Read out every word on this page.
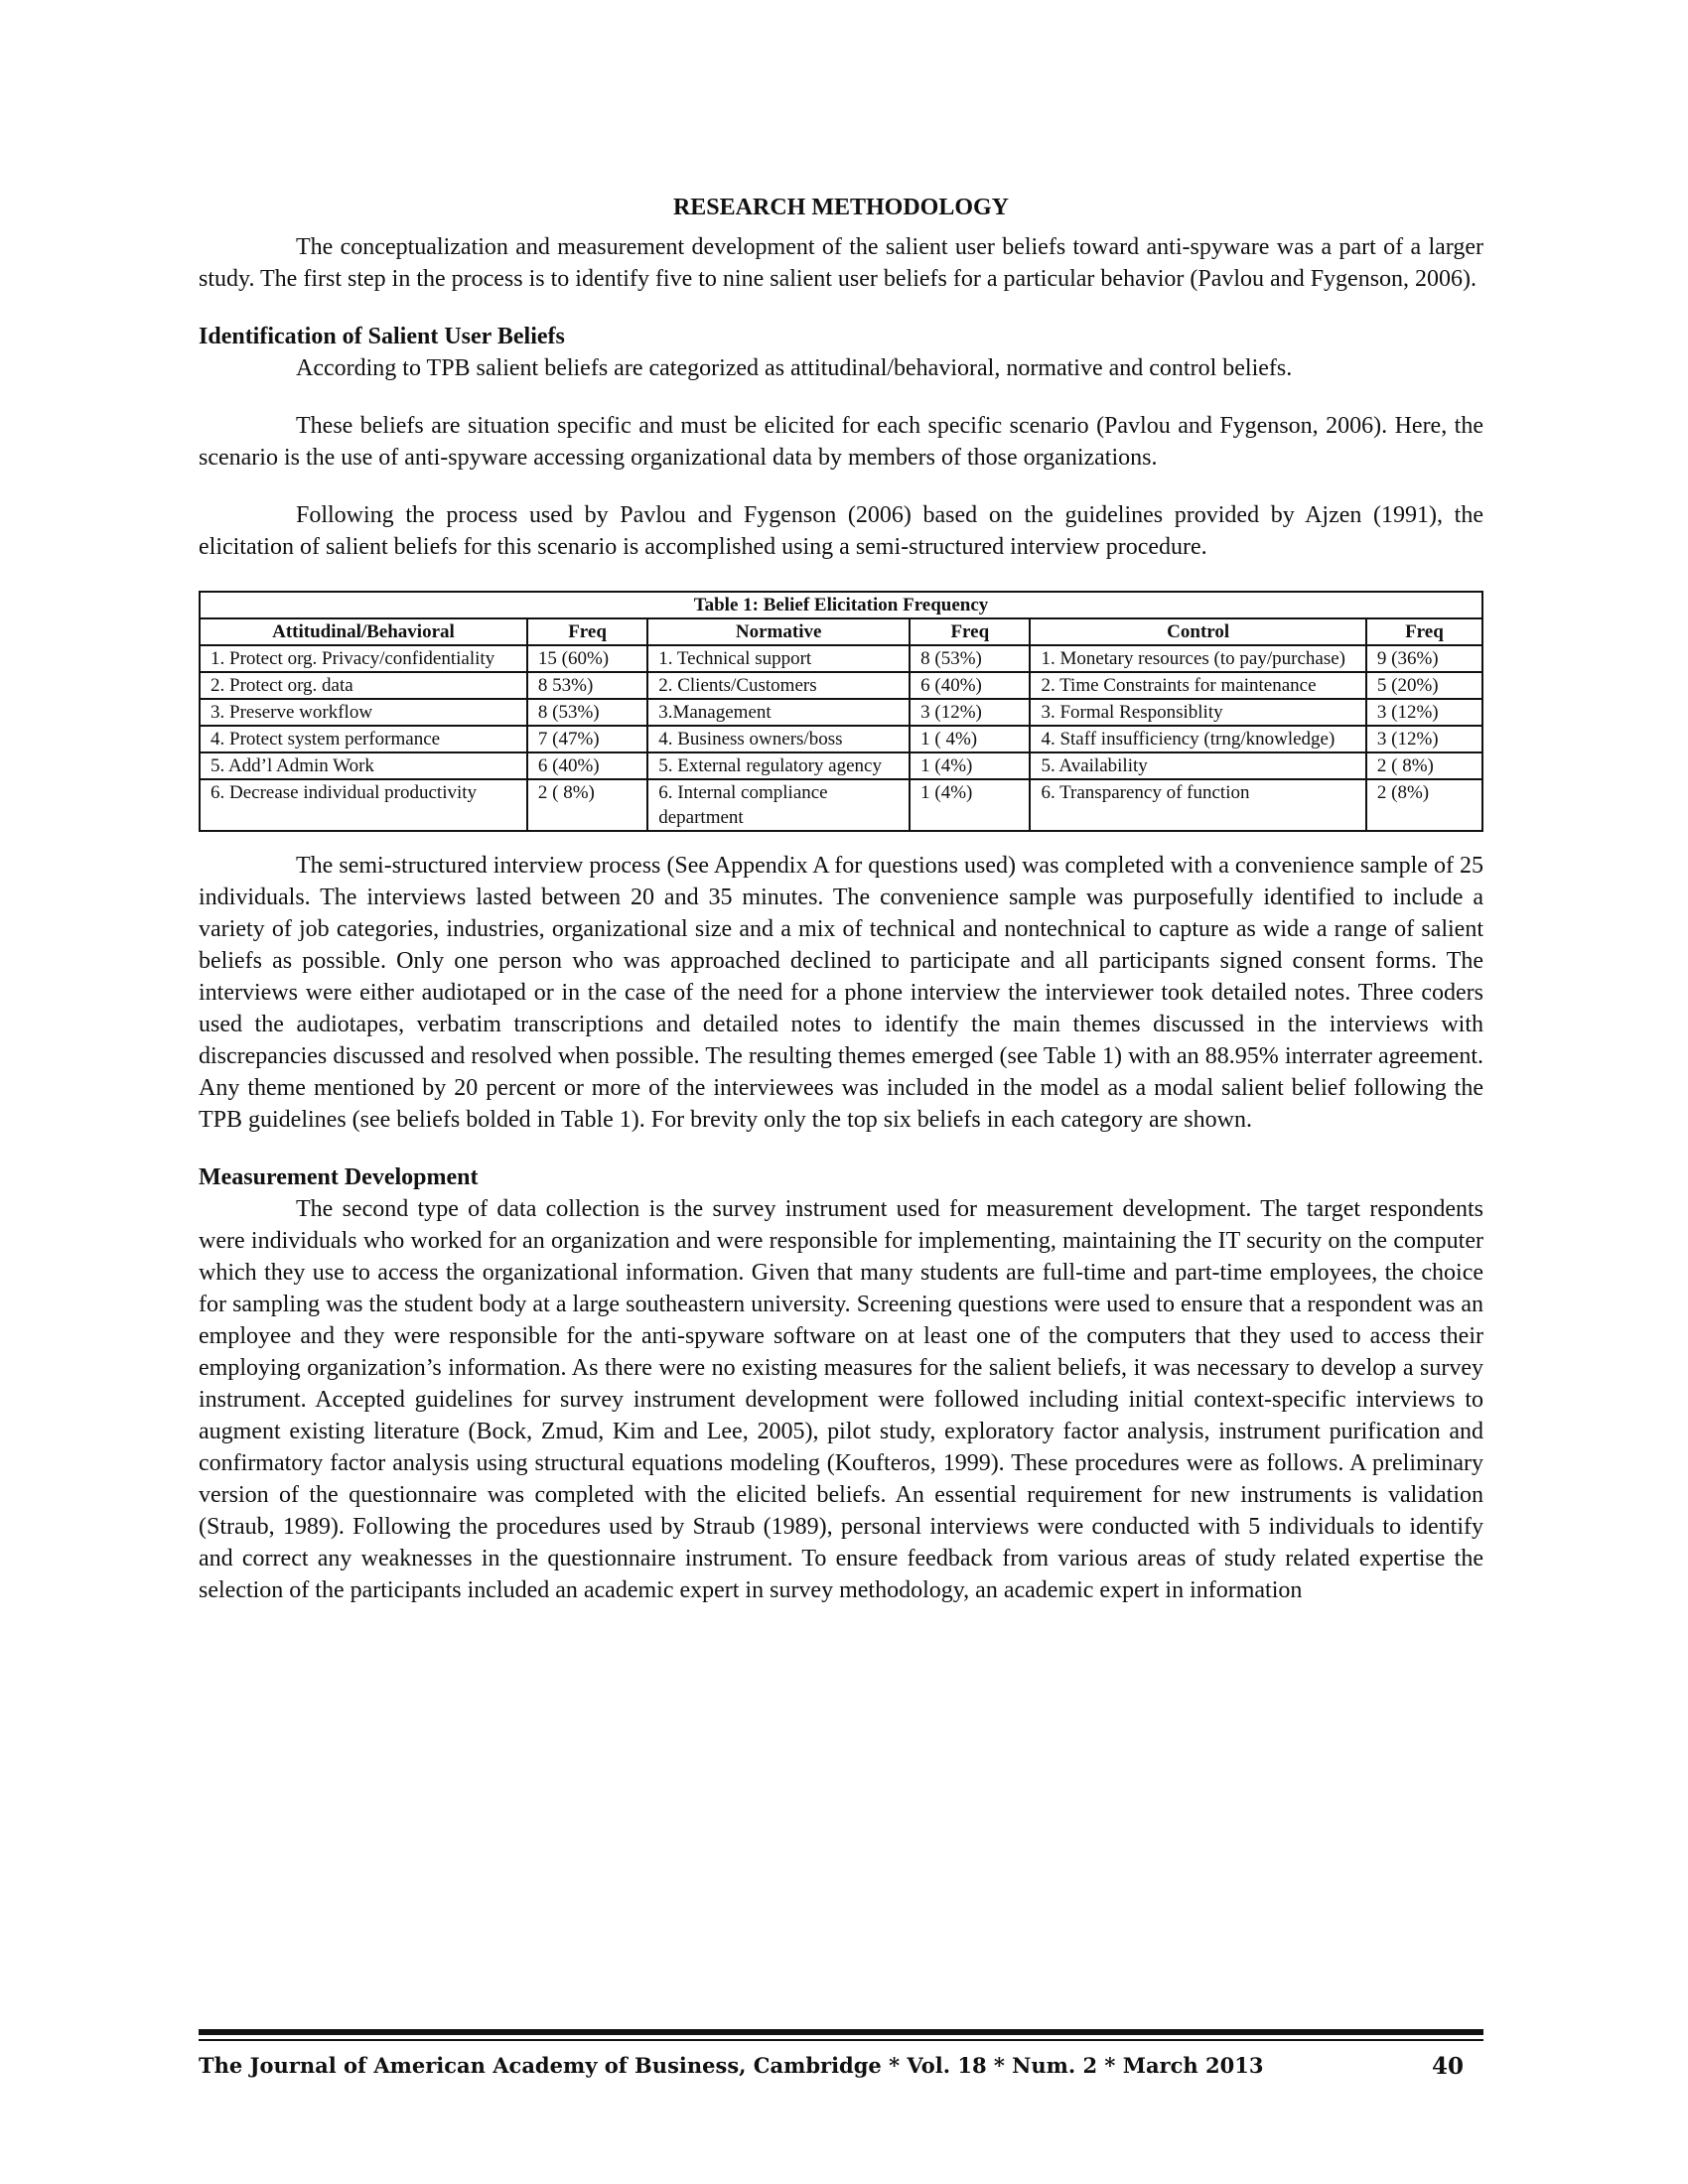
RESEARCH METHODOLOGY

The conceptualization and measurement development of the salient user beliefs toward anti-spyware was a part of a larger study. The first step in the process is to identify five to nine salient user beliefs for a particular behavior (Pavlou and Fygenson, 2006).

Identification of Salient User Beliefs

According to TPB salient beliefs are categorized as attitudinal/behavioral, normative and control beliefs.

These beliefs are situation specific and must be elicited for each specific scenario (Pavlou and Fygenson, 2006). Here, the scenario is the use of anti-spyware accessing organizational data by members of those organizations.

Following the process used by Pavlou and Fygenson (2006) based on the guidelines provided by Ajzen (1991), the elicitation of salient beliefs for this scenario is accomplished using a semi-structured interview procedure.

Table 1: Belief Elicitation Frequency					
Attitudinal/Behavioral	Freq	Normative	Freq	Control	Freq
1. Protect org. Privacy/confidentiality	15 (60%)	1. Technical support	8 (53%)	1. Monetary resources (to pay/purchase)	9 (36%)
2. Protect org. data	8 53%)	2. Clients/Customers	6 (40%)	2. Time Constraints for maintenance	5 (20%)
3. Preserve workflow	8 (53%)	3.Management	3 (12%)	3. Formal Responsiblity	3 (12%)
4. Protect system performance	7 (47%)	4. Business owners/boss	1 ( 4%)	4. Staff insufficiency (trng/knowledge)	3 (12%)
5. Add’l Admin Work	6 (40%)	5. External regulatory agency	1 (4%)	5. Availability	2 ( 8%)
6. Decrease individual productivity	2 ( 8%)	6. Internal compliance department	1 (4%)	6. Transparency of function	2 (8%)

The semi-structured interview process (See Appendix A for questions used) was completed with a convenience sample of 25 individuals. The interviews lasted between 20 and 35 minutes. The convenience sample was purposefully identified to include a variety of job categories, industries, organizational size and a mix of technical and nontechnical to capture as wide a range of salient beliefs as possible. Only one person who was approached declined to participate and all participants signed consent forms. The interviews were either audiotaped or in the case of the need for a phone interview the interviewer took detailed notes. Three coders used the audiotapes, verbatim transcriptions and detailed notes to identify the main themes discussed in the interviews with discrepancies discussed and resolved when possible. The resulting themes emerged (see Table 1) with an 88.95% interrater agreement. Any theme mentioned by 20 percent or more of the interviewees was included in the model as a modal salient belief following the TPB guidelines (see beliefs bolded in Table 1). For brevity only the top six beliefs in each category are shown.

Measurement Development

The second type of data collection is the survey instrument used for measurement development. The target respondents were individuals who worked for an organization and were responsible for implementing, maintaining the IT security on the computer which they use to access the organizational information. Given that many students are full-time and part-time employees, the choice for sampling was the student body at a large southeastern university. Screening questions were used to ensure that a respondent was an employee and they were responsible for the anti-spyware software on at least one of the computers that they used to access their employing organization’s information. As there were no existing measures for the salient beliefs, it was necessary to develop a survey instrument. Accepted guidelines for survey instrument development were followed including initial context-specific interviews to augment existing literature (Bock, Zmud, Kim and Lee, 2005), pilot study, exploratory factor analysis, instrument purification and confirmatory factor analysis using structural equations modeling (Koufteros, 1999). These procedures were as follows. A preliminary version of the questionnaire was completed with the elicited beliefs. An essential requirement for new instruments is validation (Straub, 1989). Following the procedures used by Straub (1989), personal interviews were conducted with 5 individuals to identify and correct any weaknesses in the questionnaire instrument. To ensure feedback from various areas of study related expertise the selection of the participants included an academic expert in survey methodology, an academic expert in information

The Journal of American Academy of Business, Cambridge * Vol. 18 * Num. 2 * March 2013	40
